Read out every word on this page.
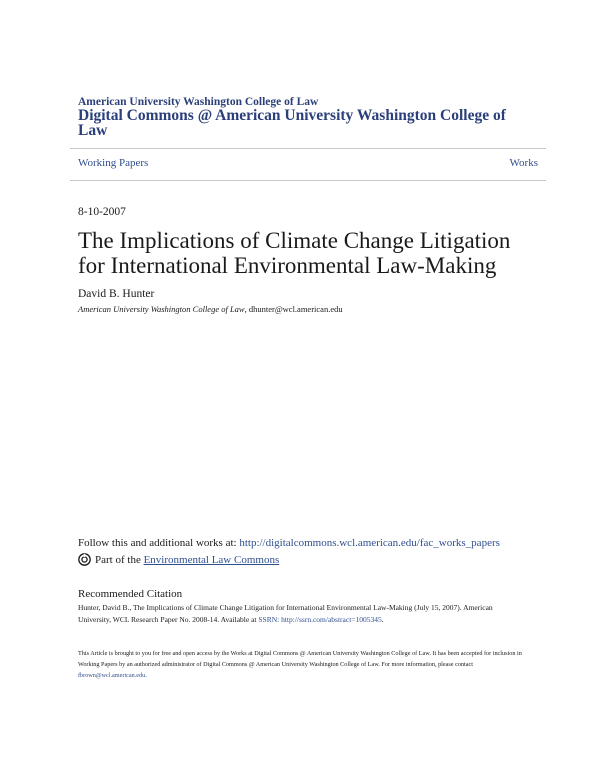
American University Washington College of Law
Digital Commons @ American University Washington College of Law
Working Papers	Works
8-10-2007
The Implications of Climate Change Litigation for International Environmental Law-Making
David B. Hunter
American University Washington College of Law, dhunter@wcl.american.edu
Follow this and additional works at: http://digitalcommons.wcl.american.edu/fac_works_papers
Part of the
Environmental Law Commons
Recommended Citation
Hunter, David B., The Implications of Climate Change Litigation for International Environmental Law-Making (July 15, 2007). American University, WCL Research Paper No. 2008-14. Available at SSRN: http://ssrn.com/abstract=1005345.
This Article is brought to you for free and open access by the Works at Digital Commons @ American University Washington College of Law. It has been accepted for inclusion in Working Papers by an authorized administrator of Digital Commons @ American University Washington College of Law. For more information, please contact fbrown@wcl.american.edu.
